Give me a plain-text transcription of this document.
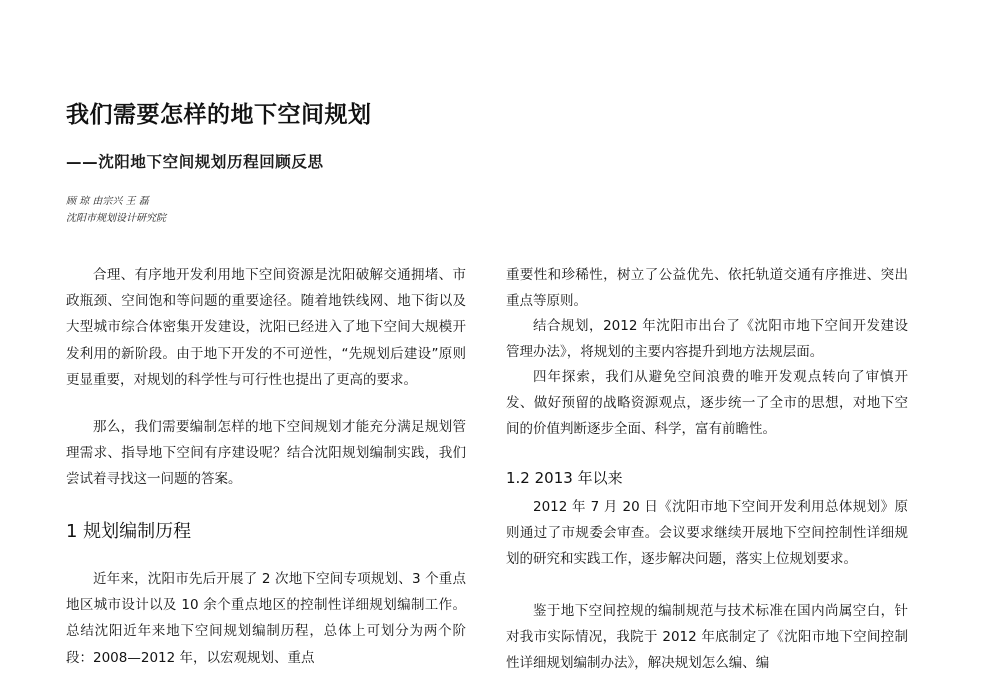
我们需要怎样的地下空间规划
——沈阳地下空间规划历程回顾反思
顾 琼 由宗兴 王 磊
沈阳市规划设计研究院

合理、有序地开发利用地下空间资源是沈阳破解交通拥堵、市政瓶颈、空间饱和等问题的重要途径。随着地铁线网、地下街以及大型城市综合体密集开发建设，沈阳已经进入了地下空间大规模开发利用的新阶段。由于地下开发的不可逆性，“先规划后建设”原则更显重要，对规划的科学性与可行性也提出了更高的要求。

那么，我们需要编制怎样的地下空间规划才能充分满足规划管理需求、指导地下空间有序建设呢？结合沈阳规划编制实践，我们尝试着寻找这一问题的答案。

1 规划编制历程

近年来，沈阳市先后开展了 2 次地下空间专项规划、3 个重点地区城市设计以及 10 余个重点地区的控制性详细规划编制工作。总结沈阳近年来地下空间规划编制历程，总体上可划分为两个阶段：2008—2012 年，以宏观规划、重点

重要性和珍稀性，树立了公益优先、依托轨道交通有序推进、突出重点等原则。

结合规划，2012 年沈阳市出台了《沈阳市地下空间开发建设管理办法》，将规划的主要内容提升到地方法规层面。

四年探索，我们从避免空间浪费的唯开发观点转向了审慎开发、做好预留的战略资源观点，逐步统一了全市的思想，对地下空间的价值判断逐步全面、科学，富有前瞻性。

1.2 2013 年以来

2012 年 7 月 20 日《沈阳市地下空间开发利用总体规划》原则通过了市规委会审查。会议要求继续开展地下空间控制性详细规划的研究和实践工作，逐步解决问题，落实上位规划要求。

鉴于地下空间控规的编制规范与技术标准在国内尚属空白，针对我市实际情况，我院于 2012 年底制定了《沈阳市地下空间控制性详细规划编制办法》，解决规划怎么编、编
